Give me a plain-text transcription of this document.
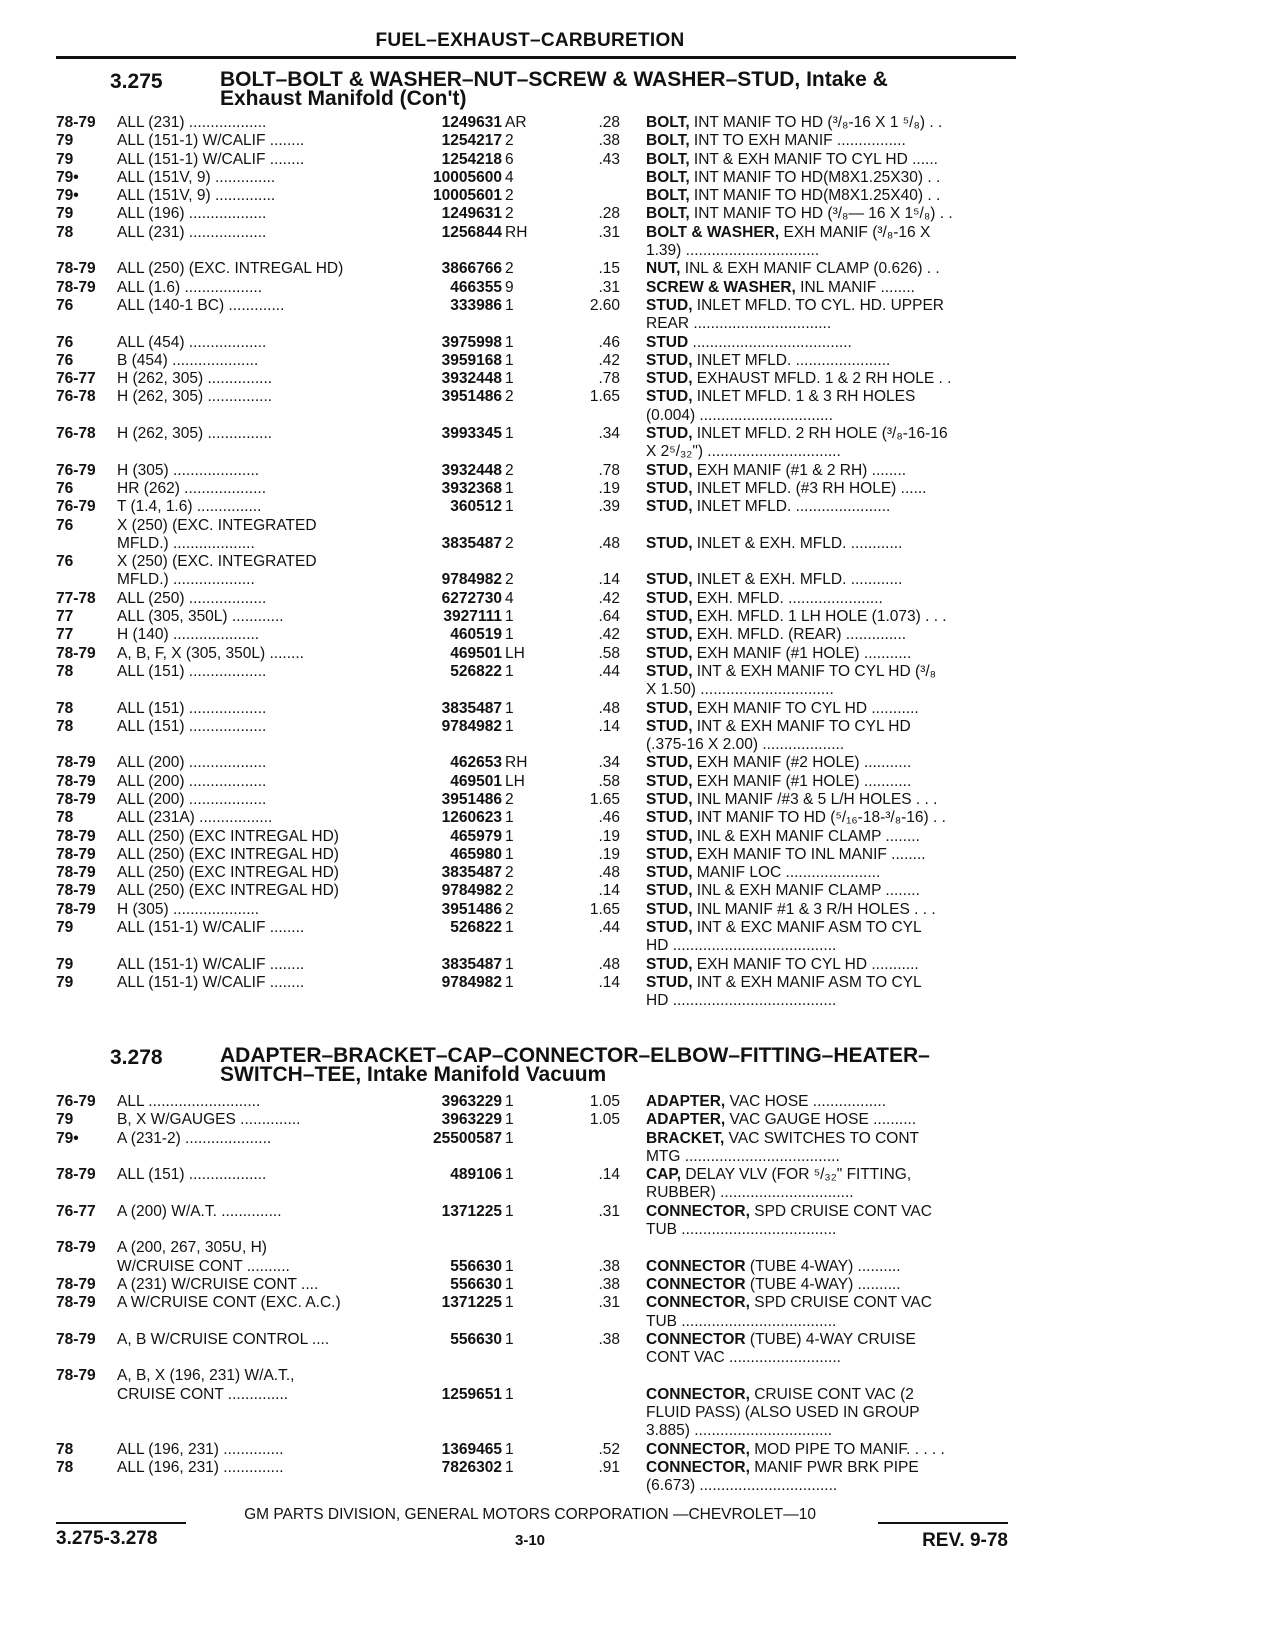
FUEL–EXHAUST–CARBURETION
3.275	BOLT–BOLT & WASHER–NUT–SCREW & WASHER–STUD, Intake &
Exhaust Manifold (Con't)
78-79	ALL (231) ..................	1249631 AR	.28 BOLT, INT MANIF TO HD (³/₈-16 X 1 ⁵/₈) . .
79	ALL (151-1) W/CALIF ........	1254217 2	.38 BOLT, INT TO EXH MANIF ................
79	ALL (151-1) W/CALIF ........	1254218 6	.43 BOLT, INT & EXH MANIF TO CYL HD ......
79•	ALL (151V, 9) ..............	10005600 4	BOLT, INT MANIF TO HD(M8X1.25X30) . .
79•	ALL (151V, 9) ..............	10005601 2	BOLT, INT MANIF TO HD(M8X1.25X40) . .
79	ALL (196) ..................	1249631 2	.28 BOLT, INT MANIF TO HD (³/₈— 16 X 1⁵/₈) . .
78	ALL (231) ..................	1256844 RH	.31 BOLT & WASHER, EXH MANIF (³/₈-16 X
1.39) ...............................
78-79	ALL (250) (EXC. INTREGAL HD)	3866766 2	.15 NUT, INL & EXH MANIF CLAMP (0.626) . .
78-79	ALL (1.6) ..................	466355 9	.31 SCREW & WASHER, INL MANIF ........
76	ALL (140-1 BC) .............	333986 1	2.60 STUD, INLET MFLD. TO CYL. HD. UPPER
REAR ................................
76	ALL (454) ..................	3975998 1	.46 STUD .....................................
76	B (454) ....................	3959168 1	.42 STUD, INLET MFLD. ......................
76-77	H (262, 305) ...............	3932448 1	.78 STUD, EXHAUST MFLD. 1 & 2 RH HOLE . .
76-78	H (262, 305) ...............	3951486 2	1.65 STUD, INLET MFLD. 1 & 3 RH HOLES
(0.004) ...............................
76-78	H (262, 305) ...............	3993345 1	.34 STUD, INLET MFLD. 2 RH HOLE (³/₈-16-16
X 2⁵/₃₂") ...............................
76-79	H (305) ....................	3932448 2	.78 STUD, EXH MANIF (#1 & 2 RH) ........
76	HR (262) ...................	3932368 1	.19 STUD, INLET MFLD. (#3 RH HOLE) ......
76-79	T (1.4, 1.6) ...............	360512 1	.39 STUD, INLET MFLD. ......................
76	X (250) (EXC. INTEGRATED
MFLD.) ...................	3835487 2	.48 STUD, INLET & EXH. MFLD. ............
76	X (250) (EXC. INTEGRATED
MFLD.) ...................	9784982 2	.14 STUD, INLET & EXH. MFLD. ............
77-78	ALL (250) ..................	6272730 4	.42 STUD, EXH. MFLD. ......................
77	ALL (305, 350L) ............	3927111 1	.64 STUD, EXH. MFLD. 1 LH HOLE (1.073) . . .
77	H (140) ....................	460519 1	.42 STUD, EXH. MFLD. (REAR) ..............
78-79	A, B, F, X (305, 350L) ........	469501 LH	.58 STUD, EXH MANIF (#1 HOLE) ...........
78	ALL (151) ..................	526822 1	.44 STUD, INT & EXH MANIF TO CYL HD (³/₈
X 1.50) ...............................
78	ALL (151) ..................	3835487 1	.48 STUD, EXH MANIF TO CYL HD ...........
78	ALL (151) ..................	9784982 1	.14 STUD, INT & EXH MANIF TO CYL HD
(.375-16 X 2.00) ...................
78-79	ALL (200) ..................	462653 RH	.34 STUD, EXH MANIF (#2 HOLE) ...........
78-79	ALL (200) ..................	469501 LH	.58 STUD, EXH MANIF (#1 HOLE) ...........
78-79	ALL (200) ..................	3951486 2	1.65 STUD, INL MANIF /#3 & 5 L/H HOLES . . .
78	ALL (231A) .................	1260623 1	.46 STUD, INT MANIF TO HD (⁵/₁₆-18-³/₈-16) . .
78-79	ALL (250) (EXC INTREGAL HD)	465979 1	.19 STUD, INL & EXH MANIF CLAMP ........
78-79	ALL (250) (EXC INTREGAL HD)	465980 1	.19 STUD, EXH MANIF TO INL MANIF ........
78-79	ALL (250) (EXC INTREGAL HD)	3835487 2	.48 STUD, MANIF LOC ......................
78-79	ALL (250) (EXC INTREGAL HD)	9784982 2	.14 STUD, INL & EXH MANIF CLAMP ........
78-79	H (305) ....................	3951486 2	1.65 STUD, INL MANIF #1 & 3 R/H HOLES . . .
79	ALL (151-1) W/CALIF ........	526822 1	.44 STUD, INT & EXC MANIF ASM TO CYL
HD ......................................
79	ALL (151-1) W/CALIF ........	3835487 1	.48 STUD, EXH MANIF TO CYL HD ...........
79	ALL (151-1) W/CALIF ........	9784982 1	.14 STUD, INT & EXH MANIF ASM TO CYL
HD ......................................
3.278	ADAPTER–BRACKET–CAP–CONNECTOR–ELBOW–FITTING–HEATER–
SWITCH–TEE, Intake Manifold Vacuum
76-79	ALL ..........................	3963229 1	1.05 ADAPTER, VAC HOSE .................
79	B, X W/GAUGES ..............	3963229 1	1.05 ADAPTER, VAC GAUGE HOSE ..........
79•	A (231-2) ....................	25500587 1	BRACKET, VAC SWITCHES TO CONT
MTG ....................................
78-79	ALL (151) ..................	489106 1	.14 CAP, DELAY VLV (FOR ⁵/₃₂" FITTING,
RUBBER) ...............................
76-77	A (200) W/A.T. ..............	1371225 1	.31 CONNECTOR, SPD CRUISE CONT VAC
TUB ....................................
78-79	A (200, 267, 305U, H)
W/CRUISE CONT ..........	556630 1	.38 CONNECTOR (TUBE 4-WAY) ..........
78-79	A (231) W/CRUISE CONT ....	556630 1	.38 CONNECTOR (TUBE 4-WAY) ..........
78-79	A W/CRUISE CONT (EXC. A.C.)	1371225 1	.31 CONNECTOR, SPD CRUISE CONT VAC
TUB ....................................
78-79	A, B W/CRUISE CONTROL ....	556630 1	.38 CONNECTOR (TUBE) 4-WAY CRUISE
CONT VAC ..........................
78-79	A, B, X (196, 231) W/A.T.,
CRUISE CONT ..............	1259651 1	CONNECTOR, CRUISE CONT VAC (2
FLUID PASS) (ALSO USED IN GROUP
3.885) ................................
78	ALL (196, 231) ..............	1369465 1	.52 CONNECTOR, MOD PIPE TO MANIF. . . . .
78	ALL (196, 231) ..............	7826302 1	.91 CONNECTOR, MANIF PWR BRK PIPE
(6.673) ................................
GM PARTS DIVISION, GENERAL MOTORS CORPORATION —CHEVROLET—10
3.275-3.278	3-10	REV. 9-78
